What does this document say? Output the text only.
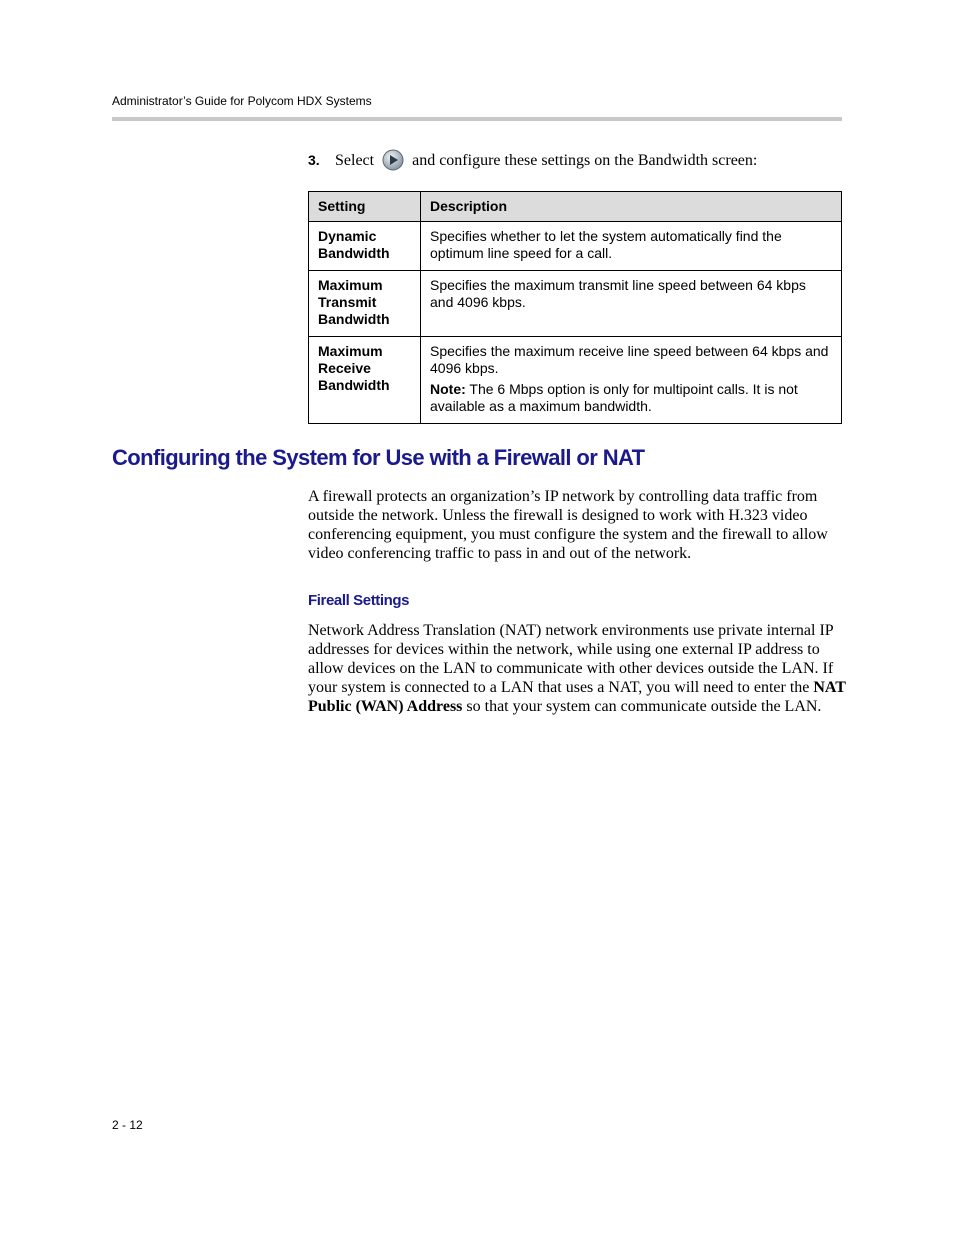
Administrator’s Guide for Polycom HDX Systems
3. Select and configure these settings on the Bandwidth screen:
Setting	Description
Dynamic Bandwidth	Specifies whether to let the system automatically find the optimum line speed for a call.
Maximum Transmit Bandwidth	Specifies the maximum transmit line speed between 64 kbps and 4096 kbps.
Maximum Receive Bandwidth	Specifies the maximum receive line speed between 64 kbps and 4096 kbps.
Note: The 6 Mbps option is only for multipoint calls. It is not available as a maximum bandwidth.
Configuring the System for Use with a Firewall or NAT

A firewall protects an organization’s IP network by controlling data traffic from outside the network. Unless the firewall is designed to work with H.323 video conferencing equipment, you must configure the system and the firewall to allow video conferencing traffic to pass in and out of the network.

Fireall Settings

Network Address Translation (NAT) network environments use private internal IP addresses for devices within the network, while using one external IP address to allow devices on the LAN to communicate with other devices outside the LAN. If your system is connected to a LAN that uses a NAT, you will need to enter the NAT Public (WAN) Address so that your system can communicate outside the LAN.

2 - 12
